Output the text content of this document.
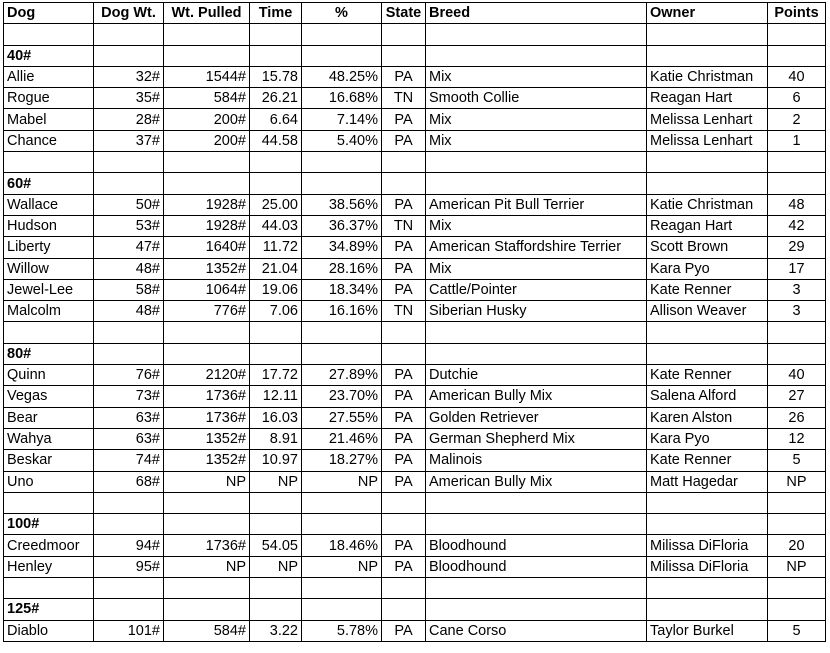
Dog	Dog Wt.	Wt. Pulled	Time	%	State	Breed	Owner	Points

40#								
Allie	32#	1544#	15.78	48.25%	PA	Mix	Katie Christman	40
Rogue	35#	584#	26.21	16.68%	TN	Smooth Collie	Reagan Hart	6
Mabel	28#	200#	6.64	7.14%	PA	Mix	Melissa Lenhart	2
Chance	37#	200#	44.58	5.40%	PA	Mix	Melissa Lenhart	1

60#								
Wallace	50#	1928#	25.00	38.56%	PA	American Pit Bull Terrier	Katie Christman	48
Hudson	53#	1928#	44.03	36.37%	TN	Mix	Reagan Hart	42
Liberty	47#	1640#	11.72	34.89%	PA	American Staffordshire Terrier	Scott Brown	29
Willow	48#	1352#	21.04	28.16%	PA	Mix	Kara Pyo	17
Jewel-Lee	58#	1064#	19.06	18.34%	PA	Cattle/Pointer	Kate Renner	3
Malcolm	48#	776#	7.06	16.16%	TN	Siberian Husky	Allison Weaver	3

80#								
Quinn	76#	2120#	17.72	27.89%	PA	Dutchie	Kate Renner	40
Vegas	73#	1736#	12.11	23.70%	PA	American Bully Mix	Salena Alford	27
Bear	63#	1736#	16.03	27.55%	PA	Golden Retriever	Karen Alston	26
Wahya	63#	1352#	8.91	21.46%	PA	German Shepherd Mix	Kara Pyo	12
Beskar	74#	1352#	10.97	18.27%	PA	Malinois	Kate Renner	5
Uno	68#	NP	NP	NP	PA	American Bully Mix	Matt Hagedar	NP

100#								
Creedmoor	94#	1736#	54.05	18.46%	PA	Bloodhound	Milissa DiFloria	20
Henley	95#	NP	NP	NP	PA	Bloodhound	Milissa DiFloria	NP

125#								
Diablo	101#	584#	3.22	5.78%	PA	Cane Corso	Taylor Burkel	5
